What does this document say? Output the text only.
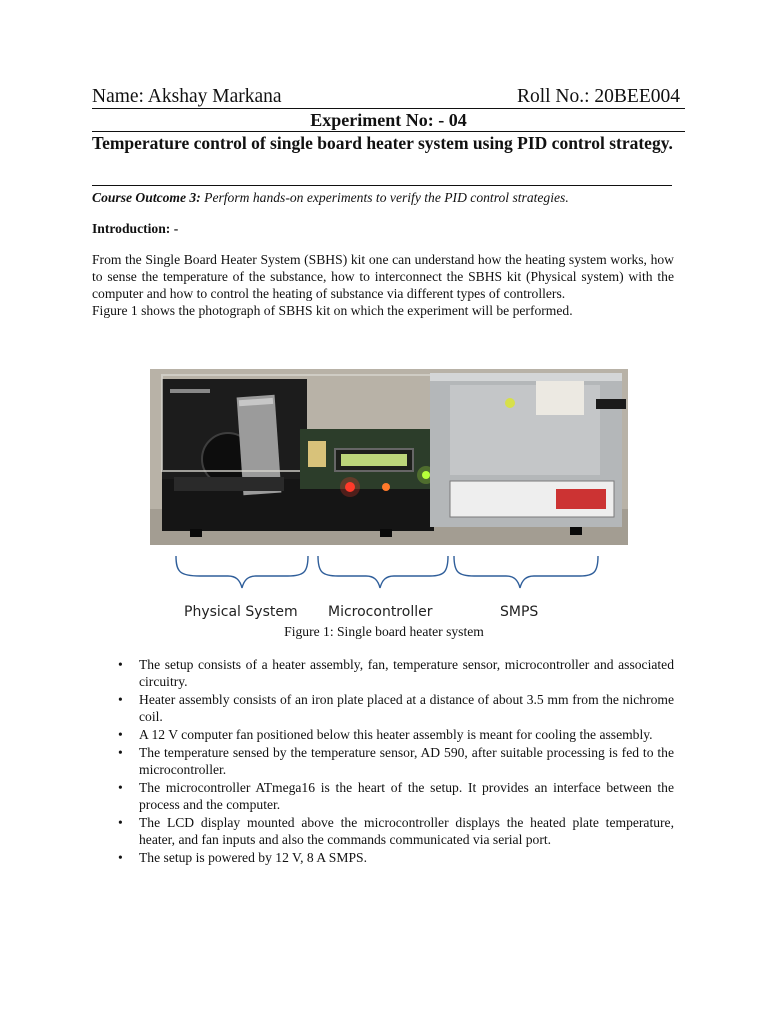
Name: Akshay Markana	Roll No.: 20BEE004
Experiment No: - 04
Temperature control of single board heater system using PID control strategy.
Course Outcome 3: Perform hands-on experiments to verify the PID control strategies.
Introduction: -

From the Single Board Heater System (SBHS) kit one can understand how the heating system works, how to sense the temperature of the substance, how to interconnect the SBHS kit (Physical system) with the computer and how to control the heating of substance via different types of controllers.

Figure 1 shows the photograph of SBHS kit on which the experiment will be performed.

Physical System Microcontroller	SMPS
Figure 1: Single board heater system
• The setup consists of a heater assembly, fan, temperature sensor, microcontroller and associated circuitry.
• Heater assembly consists of an iron plate placed at a distance of about 3.5 mm from the nichrome coil.
• A 12 V computer fan positioned below this heater assembly is meant for cooling the assembly.
• The temperature sensed by the temperature sensor, AD 590, after suitable processing is fed to the microcontroller.
• The microcontroller ATmega16 is the heart of the setup. It provides an interface between the process and the computer.
• The LCD display mounted above the microcontroller displays the heated plate temperature, heater, and fan inputs and also the commands communicated via serial port.
• The setup is powered by 12 V, 8 A SMPS.
